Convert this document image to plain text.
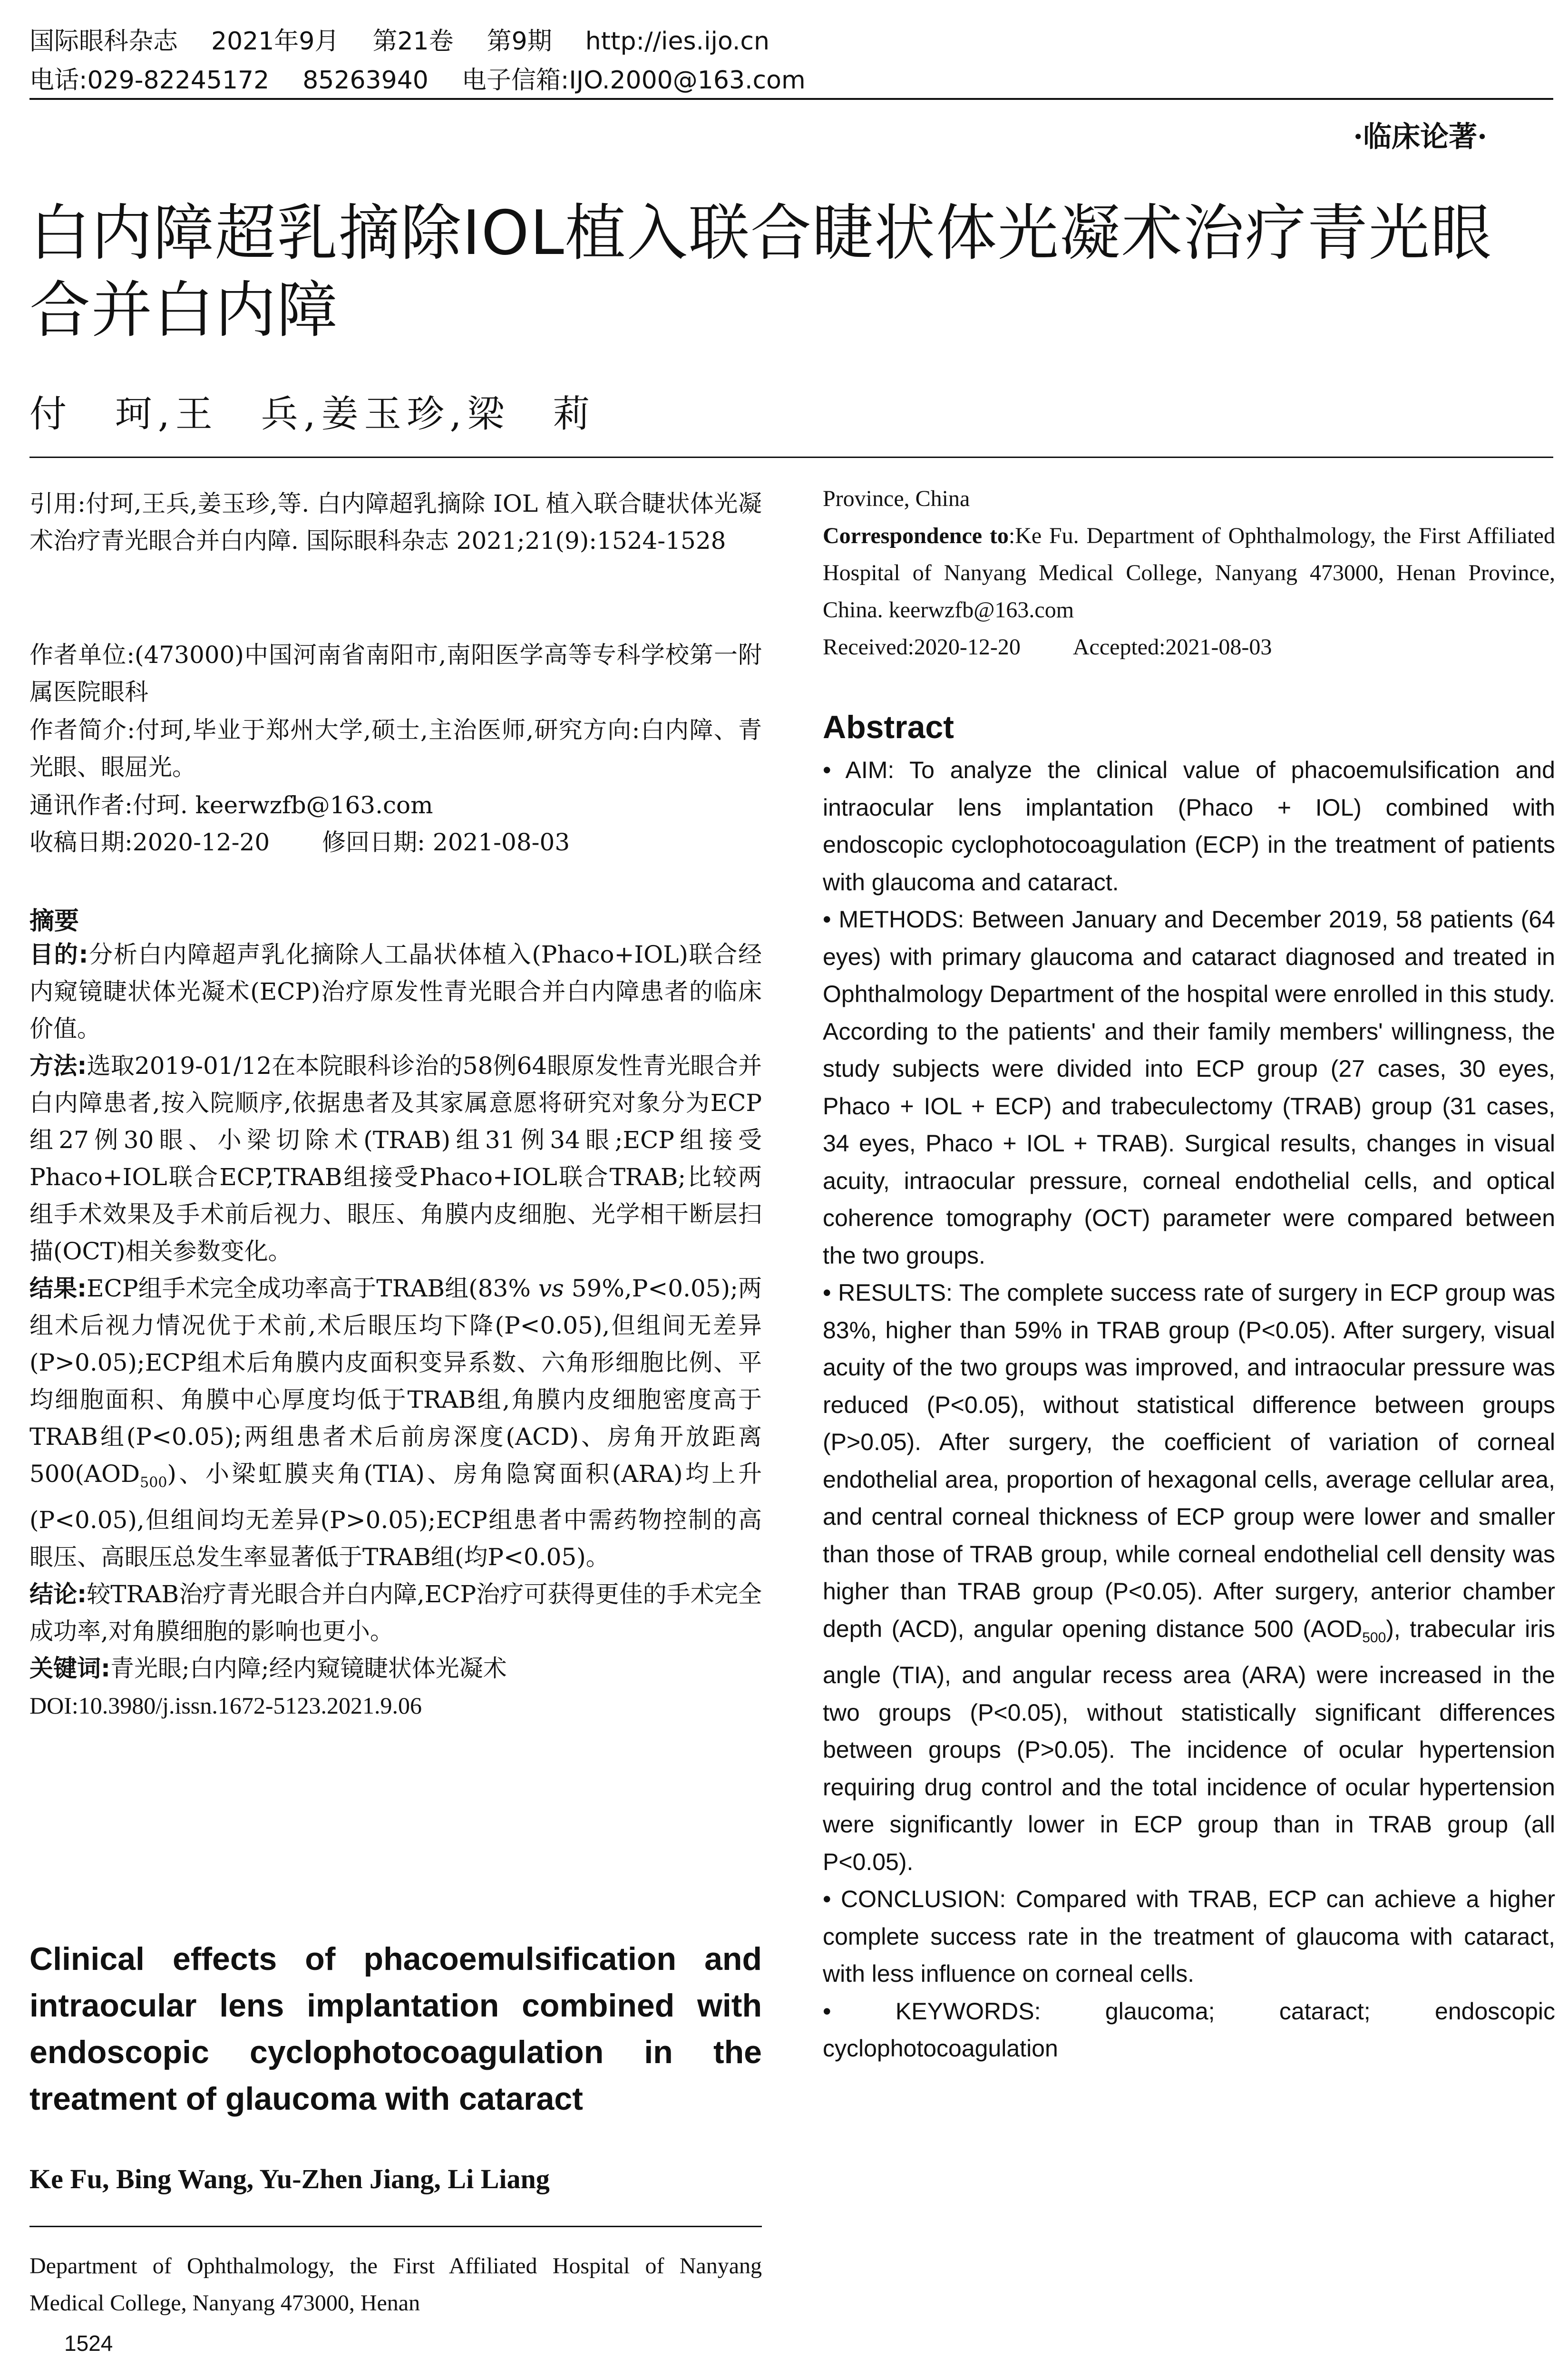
国际眼科杂志 2021年9月 第21卷 第9期 http://ies.ijo.cn
电话:029-82245172 85263940 电子信箱:IJO.2000@163.com
·临床论著·
白内障超乳摘除IOL植入联合睫状体光凝术治疗青光眼合并白内障
付　珂,王　兵,姜玉珍,梁　莉
引用:付珂,王兵,姜玉珍,等. 白内障超乳摘除 IOL 植入联合睫状体光凝术治疗青光眼合并白内障. 国际眼科杂志 2021;21(9):1524-1528
作者单位:(473000)中国河南省南阳市,南阳医学高等专科学校第一附属医院眼科
作者简介:付珂,毕业于郑州大学,硕士,主治医师,研究方向:白内障、青光眼、眼屈光。
通讯作者:付珂. keerwzfb@163.com
收稿日期:2020-12-20 修回日期: 2021-08-03
摘要

目的:分析白内障超声乳化摘除人工晶状体植入(Phaco+IOL)联合经内窥镜睫状体光凝术(ECP)治疗原发性青光眼合并白内障患者的临床价值。

方法:选取2019-01/12在本院眼科诊治的58例64眼原发性青光眼合并白内障患者,按入院顺序,依据患者及其家属意愿将研究对象分为ECP组27例30眼、小梁切除术(TRAB)组31例34眼;ECP组接受Phaco+IOL联合ECP,TRAB组接受Phaco+IOL联合TRAB;比较两组手术效果及手术前后视力、眼压、角膜内皮细胞、光学相干断层扫描(OCT)相关参数变化。

结果:ECP组手术完全成功率高于TRAB组(83% vs 59%,P<0.05);两组术后视力情况优于术前,术后眼压均下降(P<0.05),但组间无差异(P>0.05);ECP组术后角膜内皮面积变异系数、六角形细胞比例、平均细胞面积、角膜中心厚度均低于TRAB组,角膜内皮细胞密度高于TRAB组(P<0.05);两组患者术后前房深度(ACD)、房角开放距离$500(AOD_{500})$、小梁虹膜夹角(TIA)、房角隐窝面积(ARA)均上升(P<0.05),但组间均无差异(P>0.05);ECP组患者中需药物控制的高眼压、高眼压总发生率显著低于TRAB组(均P<0.05)。

结论:较TRAB治疗青光眼合并白内障,ECP治疗可获得更佳的手术完全成功率,对角膜细胞的影响也更小。

关键词:青光眼;白内障;经内窥镜睫状体光凝术

DOI:10.3980/j.issn.1672-5123.2021.9.06

Clinical effects of phacoemulsification and intraocular lens implantation combined with endoscopic cyclophotocoagulation in the treatment of glaucoma with cataract
Ke Fu, Bing Wang, Yu-Zhen Jiang, Li Liang
Department of Ophthalmology, the First Affiliated Hospital of Nanyang Medical College, Nanyang 473000, Henan
1524
Province, China
Correspondence to:Ke Fu. Department of Ophthalmology, the First Affiliated Hospital of Nanyang Medical College, Nanyang 473000, Henan Province, China. keerwzfb@163.com
Received:2020-12-20 Accepted:2021-08-03
Abstract

• AIM: To analyze the clinical value of phacoemulsification and intraocular lens implantation (Phaco + IOL) combined with endoscopic cyclophotocoagulation (ECP) in the treatment of patients with glaucoma and cataract.

• METHODS: Between January and December 2019, 58 patients (64 eyes) with primary glaucoma and cataract diagnosed and treated in Ophthalmology Department of the hospital were enrolled in this study. According to the patients' and their family members' willingness, the study subjects were divided into ECP group (27 cases, 30 eyes, Phaco + IOL + ECP) and trabeculectomy (TRAB) group (31 cases, 34 eyes, Phaco + IOL + TRAB). Surgical results, changes in visual acuity, intraocular pressure, corneal endothelial cells, and optical coherence tomography (OCT) parameter were compared between the two groups.

• RESULTS: The complete success rate of surgery in ECP group was 83%, higher than 59% in TRAB group (P<0.05). After surgery, visual acuity of the two groups was improved, and intraocular pressure was reduced (P<0.05), without statistical difference between groups (P>0.05). After surgery, the coefficient of variation of corneal endothelial area, proportion of hexagonal cells, average cellular area, and central corneal thickness of ECP group were lower and smaller than those of TRAB group, while corneal endothelial cell density was higher than TRAB group (P<0.05). After surgery, anterior chamber depth (ACD), angular opening distance 500 $(AOD_{500})$, trabecular iris angle (TIA), and angular recess area (ARA) were increased in the two groups (P<0.05), without statistically significant differences between groups (P>0.05). The incidence of ocular hypertension requiring drug control and the total incidence of ocular hypertension were significantly lower in ECP group than in TRAB group (all P<0.05).

• CONCLUSION: Compared with TRAB, ECP can achieve a higher complete success rate in the treatment of glaucoma with cataract, with less influence on corneal cells.

• KEYWORDS: glaucoma; cataract; endoscopic cyclophotocoagulation
